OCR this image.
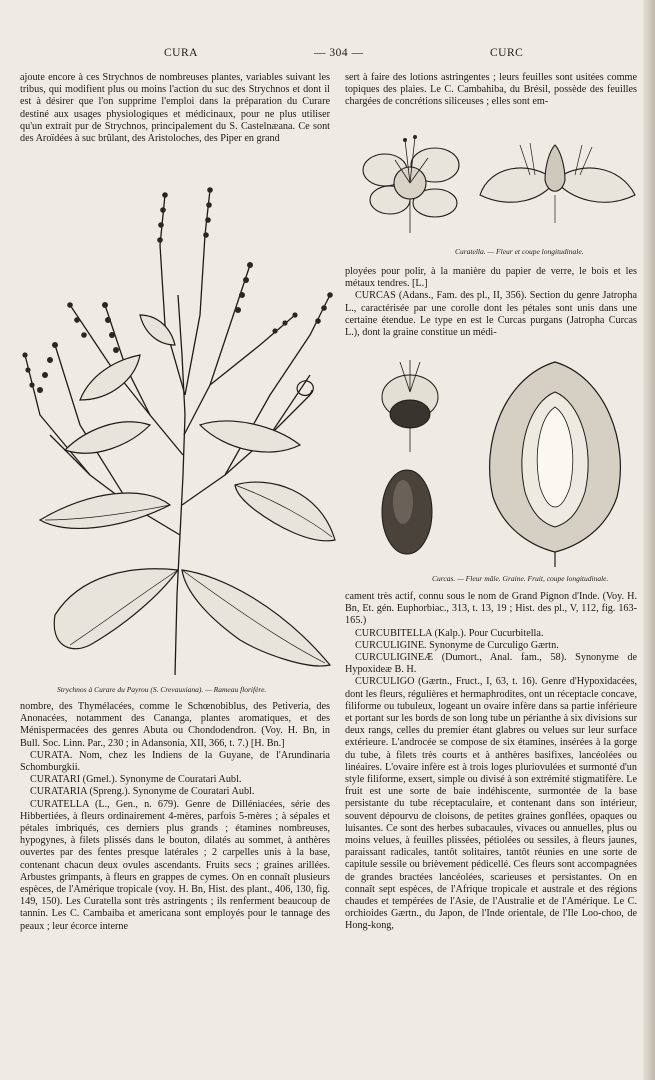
CURA	— 304 —	CURC

ajoute encore à ces Strychnos de nombreuses plantes, variables suivant les tribus, qui modifient plus ou moins l'action du suc des Strychnos et dont il est à désirer que l'on supprime l'emploi dans la préparation du Curare destiné aux usages physiologiques et médicinaux, pour ne plus utiliser qu'un extrait pur de Strychnos, principalement du S. Castelnæana. Ce sont des Aroïdées à suc brûlant, des Aristoloches, des Piper en grand

Strychnos à Curare du Payrou (S. Crevauxiana). — Rameau florifère.

nombre, des Thymélacées, comme le Schœnobiblus, des Petiveria, des Anonacées, notamment des Cananga, plantes aromatiques, et des Ménispermacées des genres Abuta ou Chondodendron. (Voy. H. Bn, in Bull. Soc. Linn. Par., 230 ; in Adansonia, XII, 366, t. 7.) [H. Bn.]

CURATA. Nom, chez les Indiens de la Guyane, de l'Arundinaria Schomburgkii.

CURATARI (Gmel.). Synonyme de Couratari Aubl.

CURATARIA (Spreng.). Synonyme de Couratari Aubl.

CURATELLA (L., Gen., n. 679). Genre de Dilléniacées, série des Hibbertiées, à fleurs ordinairement 4-mères, parfois 5-mères ; à sépales et pétales imbriqués, ces derniers plus grands ; étamines nombreuses, hypogynes, à filets plissés dans le bouton, dilatés au sommet, à anthères ouvertes par des fentes presque latérales ; 2 carpelles unis à la base, contenant chacun deux ovules ascendants. Fruits secs ; graines arillées. Arbustes grimpants, à fleurs en grappes de cymes. On en connaît plusieurs espèces, de l'Amérique tropicale (voy. H. Bn, Hist. des plant., 406, 130, fig. 149, 150). Les Curatella sont très astringents ; ils renferment beaucoup de tannin. Les C. Cambaiba et americana sont employés pour le tannage des peaux ; leur écorce interne

sert à faire des lotions astringentes ; leurs feuilles sont usitées comme topiques des plaies. Le C. Cambahiba, du Brésil, possède des feuilles chargées de concrétions siliceuses ; elles sont em-

Curatella. — Fleur et coupe longitudinale.

ployées pour polir, à la manière du papier de verre, le bois et les métaux tendres. [L.]

CURCAS (Adans., Fam. des pl., II, 356). Section du genre Jatropha L., caractérisée par une corolle dont les pétales sont unis dans une certaine étendue. Le type en est le Curcas purgans (Jatropha Curcas L.), dont la graine constitue un médi-

Curcas. — Fleur mâle. Graine. Fruit, coupe longitudinale.

cament très actif, connu sous le nom de Grand Pignon d'Inde. (Voy. H. Bn, Et. gén. Euphorbiac., 313, t. 13, 19 ; Hist. des pl., V, 112, fig. 163-165.)

CURCUBITELLA (Kalp.). Pour Cucurbitella.

CURCULIGINE. Synonyme de Curculigo Gærtn.

CURCULIGINEÆ (Dumort., Anal. fam., 58). Synonyme de Hypoxideæ B. H.

CURCULIGO (Gærtn., Fruct., I, 63, t. 16). Genre d'Hypoxidacées, dont les fleurs, régulières et hermaphrodites, ont un réceptacle concave, filiforme ou tubuleux, logeant un ovaire infère dans sa partie inférieure et portant sur les bords de son long tube un périanthe à six divisions sur deux rangs, celles du premier étant glabres ou velues sur leur surface extérieure. L'androcée se compose de six étamines, insérées à la gorge du tube, à filets très courts et à anthères basifixes, lancéolées ou linéaires. L'ovaire infère est à trois loges pluriovulées et surmonté d'un style filiforme, exsert, simple ou divisé à son extrémité stigmatifère. Le fruit est une sorte de baie indéhiscente, surmontée de la base persistante du tube réceptaculaire, et contenant dans son intérieur, souvent dépourvu de cloisons, de petites graines gonflées, opaques ou luisantes. Ce sont des herbes subacaules, vivaces ou annuelles, plus ou moins velues, à feuilles plissées, pétiolées ou sessiles, à fleurs jaunes, paraissant radicales, tantôt solitaires, tantôt réunies en une sorte de capitule sessile ou brièvement pédicellé. Ces fleurs sont accompagnées de grandes bractées lancéolées, scarieuses et persistantes. On en connaît sept espèces, de l'Afrique tropicale et australe et des régions chaudes et tempérées de l'Asie, de l'Australie et de l'Amérique. Le C. orchioides Gærtn., du Japon, de l'Inde orientale, de l'Ile Loo-choo, de Hong-kong,
